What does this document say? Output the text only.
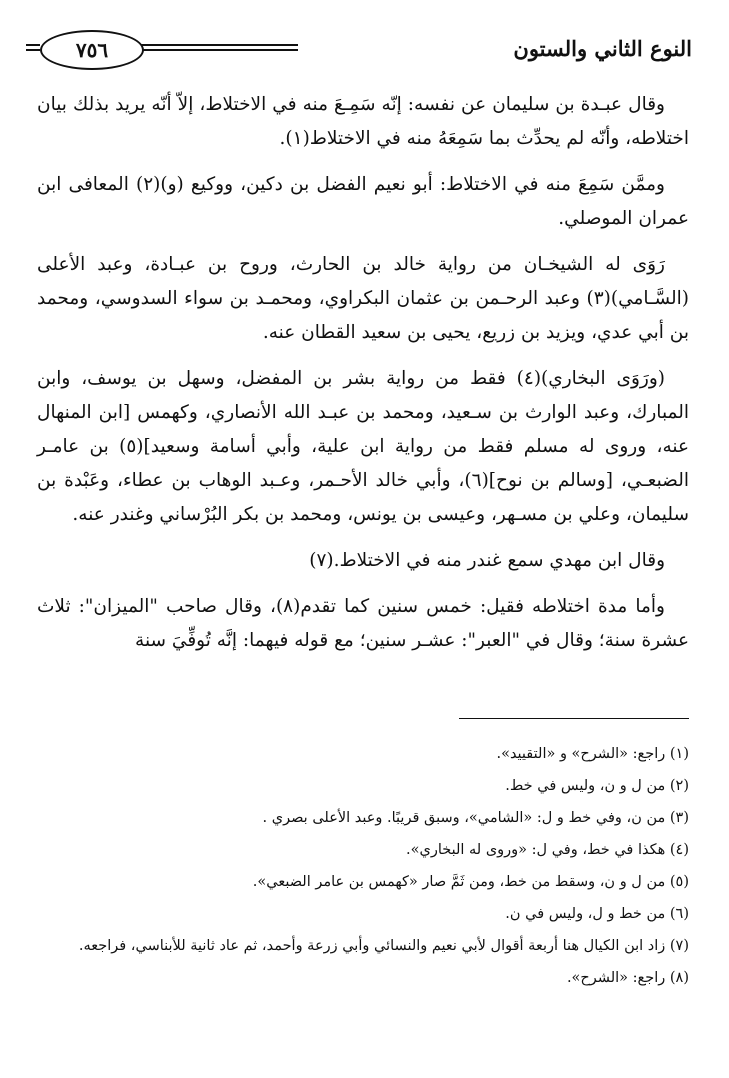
النوع الثاني والستون
٧٥٦

وقال عبـدة بن سليمان عن نفسه: إنّه سَمِـعَ منه في الاختلاط، إلاّ أنّه يريد بذلك بيان اختلاطه، وأنّه لم يحدِّث بما سَمِعَهُ منه في الاختلاط(١).

وممَّن سَمِعَ منه في الاختلاط: أبو نعيم الفضل بن دكين، ووكيع (و)(٢) المعافى ابن عمران الموصلي.

رَوَى له الشيخـان من رواية خالد بن الحارث، وروح بن عبـادة، وعبد الأعلى (السَّـامي)(٣) وعبد الرحـمن بن عثمان البكراوي، ومحمـد بن سواء السدوسي، ومحمد بن أبي عدي، ويزيد بن زريع، يحيى بن سعيد القطان عنه.

(ورَوَى البخاري)(٤) فقط من رواية بشر بن المفضل، وسهل بن يوسف، وابن المبارك، وعبد الوارث بن سـعيد، ومحمد بن عبـد الله الأنصاري، وكهمس [ابن المنهال عنه، وروى له مسلم فقط من رواية ابن علية، وأبي أسامة وسعيد](٥) بن عامـر الضبعـي، [وسالم بن نوح](٦)، وأبي خالد الأحـمر، وعـبد الوهاب بن عطاء، وعَبْدة بن سليمان، وعلي بن مسـهر، وعيسى بن يونس، ومحمد بن بكر البُرْساني وغندر عنه.

وقال ابن مهدي سمع غندر منه في الاختلاط.(٧)

وأما مدة اختلاطه فقيل: خمس سنين كما تقدم(٨)، وقال صاحب "الميزان": ثلاث عشرة سنة؛ وقال في "العبر": عشـر سنين؛ مع قوله فيهما: إنَّه تُوفِّيَ سنة

(١) راجع: «الشرح» و «التقييد».
(٢) من ل و ن، وليس في خط.
(٣) من ن، وفي خط و ل: «الشامي»، وسبق قريبًا. وعبد الأعلى بصري .
(٤) هكذا في خط، وفي ل: «وروى له البخاري».
(٥) من ل و ن، وسقط من خط، ومن ثَمَّ صار «كهمس بن عامر الضبعي».
(٦) من خط و ل، وليس في ن.
(٧) زاد ابن الكيال هنا أربعة أقوال لأبي نعيم والنسائي وأبي زرعة وأحمد، ثم عاد ثانية للأبناسي، فراجعه.
(٨) راجع: «الشرح».
